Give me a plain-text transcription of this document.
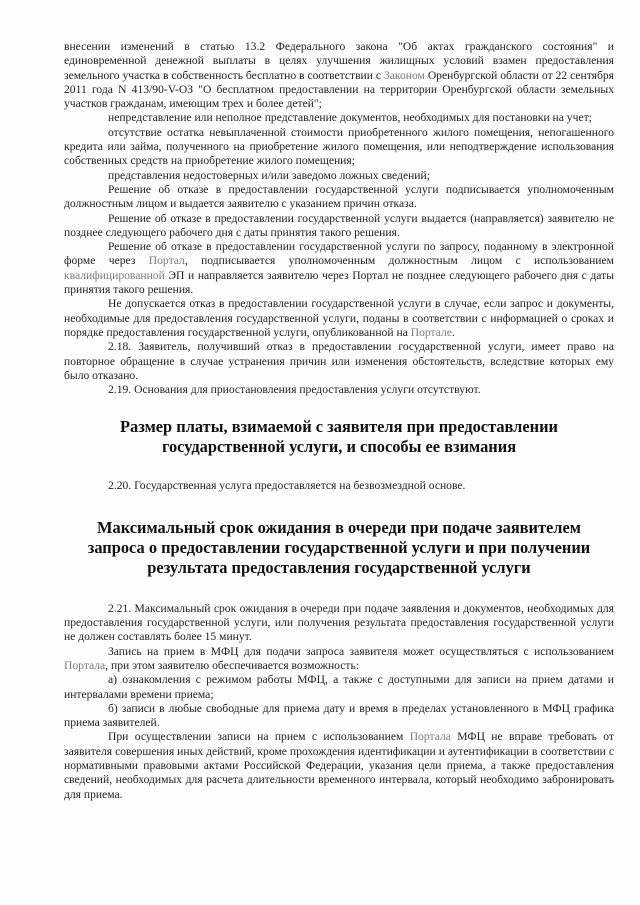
внесении изменений в статью 13.2 Федерального закона "Об актах гражданского состояния" и единовременной денежной выплаты в целях улучшения жилищных условий взамен предоставления земельного участка в собственность бесплатно в соответствии с Законом Оренбургской области от 22 сентября 2011 года N 413/90-V-ОЗ "О бесплатном предоставлении на территории Оренбургской области земельных участков гражданам, имеющим трех и более детей";

непредставление или неполное представление документов, необходимых для постановки на учет;

отсутствие остатка невыплаченной стоимости приобретенного жилого помещения, непогашенного кредита или займа, полученного на приобретение жилого помещения, или неподтверждение использования собственных средств на приобретение жилого помещения;

представления недостоверных и/или заведомо ложных сведений;

Решение об отказе в предоставлении государственной услуги подписывается уполномоченным должностным лицом и выдается заявителю с указанием причин отказа.

Решение об отказе в предоставлении государственной услуги выдается (направляется) заявителю не позднее следующего рабочего дня с даты принятия такого решения.

Решение об отказе в предоставлении государственной услуги по запросу, поданному в электронной форме через Портал, подписывается уполномоченным должностным лицом с использованием квалифицированной ЭП и направляется заявителю через Портал не позднее следующего рабочего дня с даты принятия такого решения.

Не допускается отказ в предоставлении государственной услуги в случае, если запрос и документы, необходимые для предоставления государственной услуги, поданы в соответствии с информацией о сроках и порядке предоставления государственной услуги, опубликованной на Портале.

2.18. Заявитель, получивший отказ в предоставлении государственной услуги, имеет право на повторное обращение в случае устранения причин или изменения обстоятельств, вследствие которых ему было отказано.

2.19. Основания для приостановления предоставления услуги отсутствуют.

Размер платы, взимаемой с заявителя при предоставлении государственной услуги, и способы ее взимания

2.20. Государственная услуга предоставляется на безвозмездной основе.

Максимальный срок ожидания в очереди при подаче заявителем запроса о предоставлении государственной услуги и при получении результата предоставления государственной услуги

2.21. Максимальный срок ожидания в очереди при подаче заявления и документов, необходимых для предоставления государственной услуги, или получения результата предоставления государственной услуги не должен составлять более 15 минут.

Запись на прием в МФЦ для подачи запроса заявителя может осуществляться с использованием Портала, при этом заявителю обеспечивается возможность:

а) ознакомления с режимом работы МФЦ, а также с доступными для записи на прием датами и интервалами времени приема;

б) записи в любые свободные для приема дату и время в пределах установленного в МФЦ графика приема заявителей.

При осуществлении записи на прием с использованием Портала МФЦ не вправе требовать от заявителя совершения иных действий, кроме прохождения идентификации и аутентификации в соответствии с нормативными правовыми актами Российской Федерации, указания цели приема, а также предоставления сведений, необходимых для расчета длительности временного интервала, который необходимо забронировать для приема.
